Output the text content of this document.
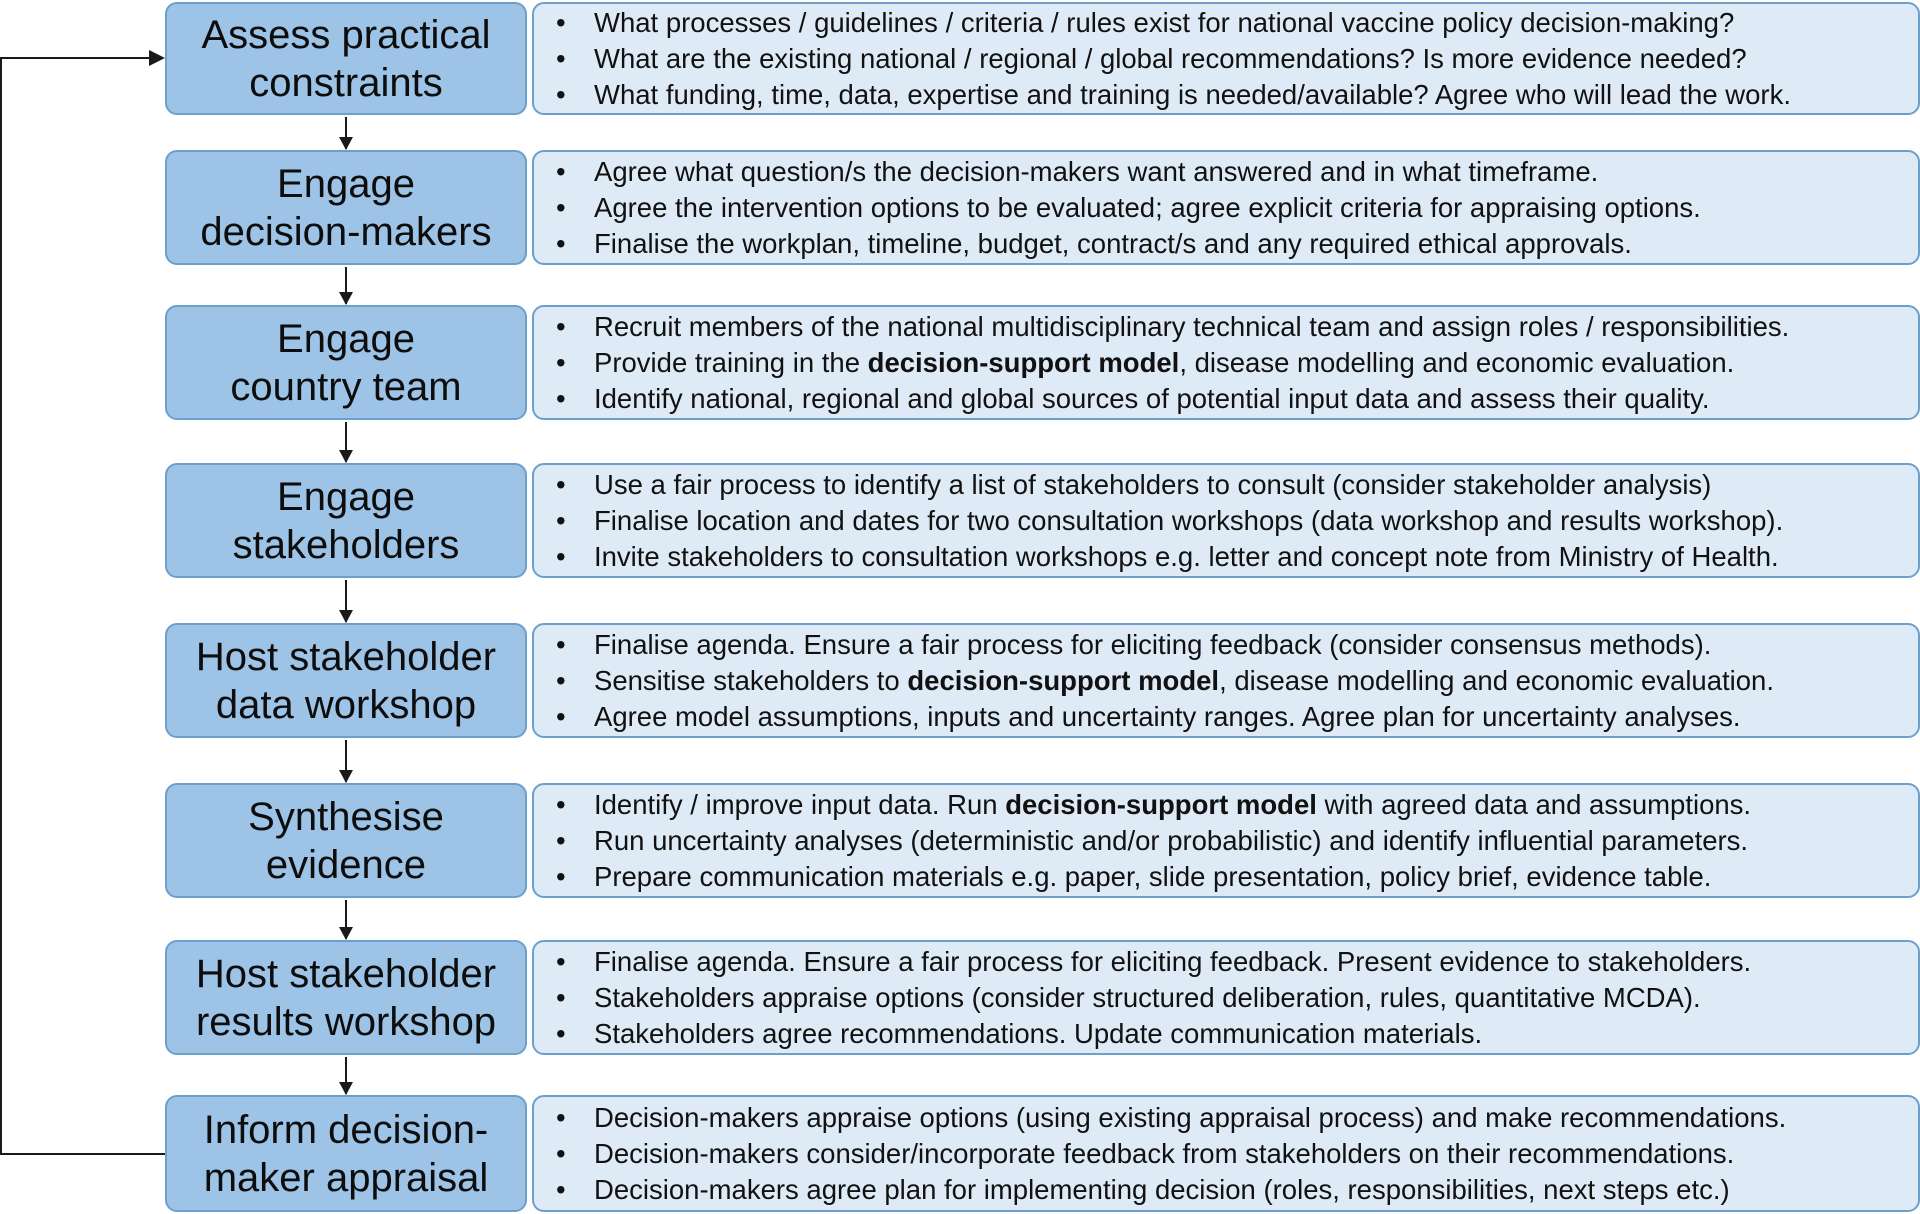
Assess practical
constraints
•	What processes / guidelines / criteria / rules exist for national vaccine policy decision-making?
•	What are the existing national / regional / global recommendations? Is more evidence needed?
•	What funding, time, data, expertise and training is needed/available? Agree who will lead the work.
Engage
decision-makers
•	Agree what question/s the decision-makers want answered and in what timeframe.
•	Agree the intervention options to be evaluated; agree explicit criteria for appraising options.
•	Finalise the workplan, timeline, budget, contract/s and any required ethical approvals.
Engage
country team
•	Recruit members of the national multidisciplinary technical team and assign roles / responsibilities.
•	Provide training in the decision-support model, disease modelling and economic evaluation.
•	Identify national, regional and global sources of potential input data and assess their quality.
Engage
stakeholders
•	Use a fair process to identify a list of stakeholders to consult (consider stakeholder analysis)
•	Finalise location and dates for two consultation workshops (data workshop and results workshop).
•	Invite stakeholders to consultation workshops e.g. letter and concept note from Ministry of Health.
Host stakeholder
data workshop
•	Finalise agenda. Ensure a fair process for eliciting feedback (consider consensus methods).
•	Sensitise stakeholders to decision-support model, disease modelling and economic evaluation.
•	Agree model assumptions, inputs and uncertainty ranges. Agree plan for uncertainty analyses.
Synthesise
evidence
•	Identify / improve input data. Run decision-support model with agreed data and assumptions.
•	Run uncertainty analyses (deterministic and/or probabilistic) and identify influential parameters.
•	Prepare communication materials e.g. paper, slide presentation, policy brief, evidence table.
Host stakeholder
results workshop
•	Finalise agenda. Ensure a fair process for eliciting feedback. Present evidence to stakeholders.
•	Stakeholders appraise options (consider structured deliberation, rules, quantitative MCDA).
•	Stakeholders agree recommendations. Update communication materials.
Inform decision-
maker appraisal
•	Decision-makers appraise options (using existing appraisal process) and make recommendations.
•	Decision-makers consider/incorporate feedback from stakeholders on their recommendations.
•	Decision-makers agree plan for implementing decision (roles, responsibilities, next steps etc.)
